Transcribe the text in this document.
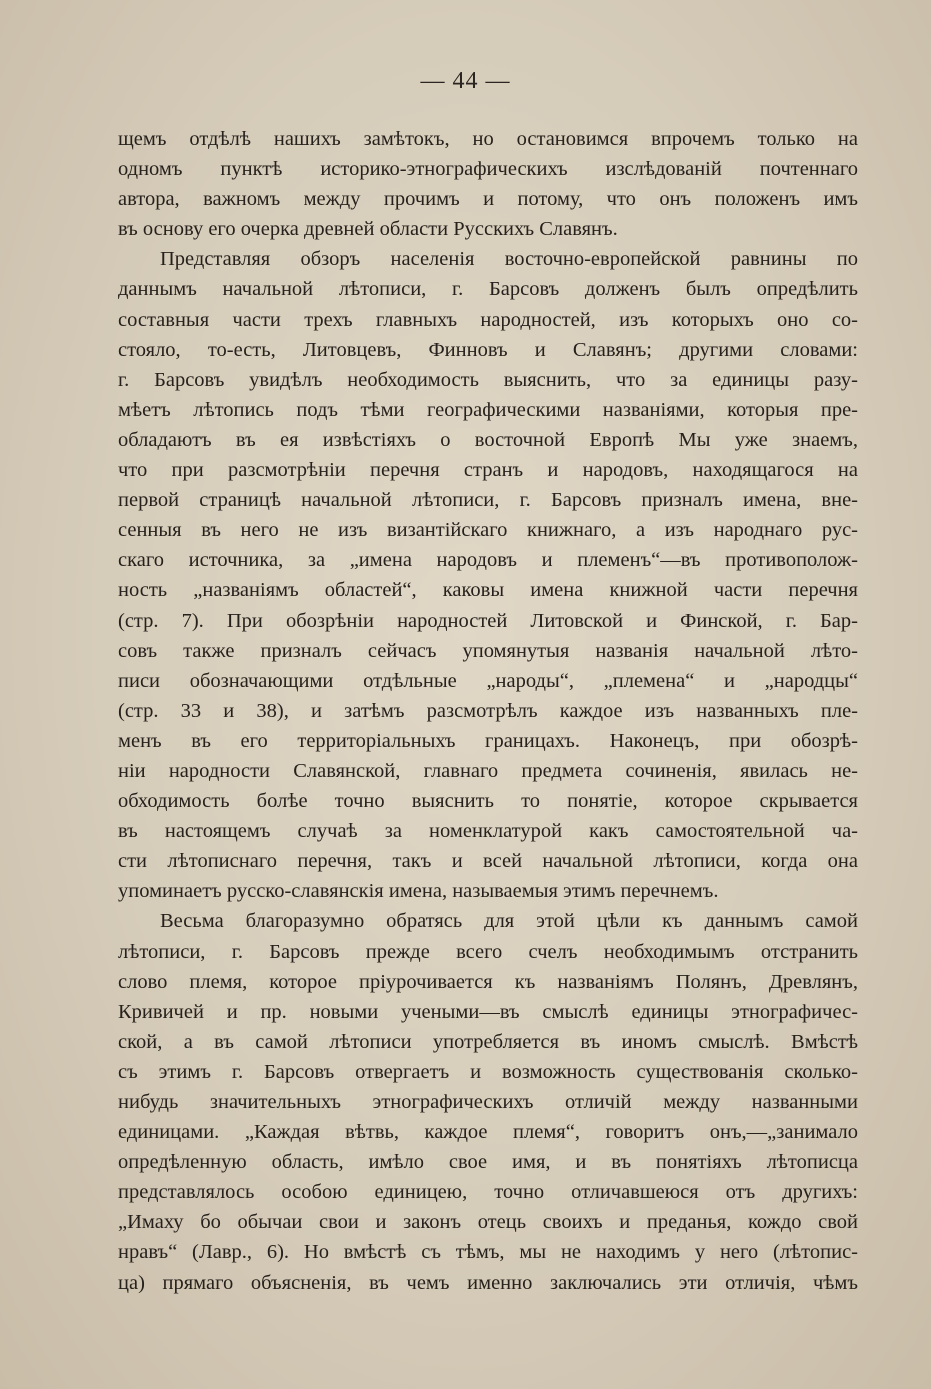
— 44 —
щемъ отдѣлѣ нашихъ замѣтокъ, но остановимся впрочемъ только на
одномъ пунктѣ историко-этнографическихъ изслѣдованій почтеннаго
автора, важномъ между прочимъ и потому, что онъ положенъ имъ
въ основу его очерка древней области Русскихъ Славянъ.
Представляя обзоръ населенія восточно-европейской равнины по
даннымъ начальной лѣтописи, г. Барсовъ долженъ былъ опредѣлить
составныя части трехъ главныхъ народностей, изъ которыхъ оно со-
стояло, то-есть, Литовцевъ, Финновъ и Славянъ; другими словами:
г. Барсовъ увидѣлъ необходимость выяснить, что за единицы разу-
мѣетъ лѣтопись подъ тѣми географическими названіями, которыя пре-
обладаютъ въ ея извѣстіяхъ о восточной Европѣ Мы уже знаемъ,
что при разсмотрѣніи перечня странъ и народовъ, находящагося на
первой страницѣ начальной лѣтописи, г. Барсовъ призналъ имена, вне-
сенныя въ него не изъ византійскаго книжнаго, а изъ народнаго рус-
скаго источника, за „имена народовъ и племенъ“—въ противополож-
ность „названіямъ областей“, каковы имена книжной части перечня
(стр. 7). При обозрѣніи народностей Литовской и Финской, г. Бар-
совъ также призналъ сейчасъ упомянутыя названія начальной лѣто-
писи обозначающими отдѣльные „народы“, „племена“ и „народцы“
(стр. 33 и 38), и затѣмъ разсмотрѣлъ каждое изъ названныхъ пле-
менъ въ его территоріальныхъ границахъ. Наконецъ, при обозрѣ-
ніи народности Славянской, главнаго предмета сочиненія, явилась не-
обходимость болѣе точно выяснить то понятіе, которое скрывается
въ настоящемъ случаѣ за номенклатурой какъ самостоятельной ча-
сти лѣтописнаго перечня, такъ и всей начальной лѣтописи, когда она
упоминаетъ русско-славянскія имена, называемыя этимъ перечнемъ.
Весьма благоразумно обратясь для этой цѣли къ даннымъ самой
лѣтописи, г. Барсовъ прежде всего счелъ необходимымъ отстранить
слово племя, которое пріурочивается къ названіямъ Полянъ, Древлянъ,
Кривичей и пр. новыми учеными—въ смыслѣ единицы этнографичес-
ской, а въ самой лѣтописи употребляется въ иномъ смыслѣ. Вмѣстѣ
съ этимъ г. Барсовъ отвергаетъ и возможность существованія сколько-
нибудь значительныхъ этнографическихъ отличій между названными
единицами. „Каждая вѣтвь, каждое племя“, говоритъ онъ,—„занимало
опредѣленную область, имѣло свое имя, и въ понятіяхъ лѣтописца
представлялось особою единицею, точно отличавшеюся отъ другихъ:
„Имаху бо обычаи свои и законъ отець своихъ и преданья, кождо свой
нравъ“ (Лавр., 6). Но вмѣстѣ съ тѣмъ, мы не находимъ у него (лѣтопис-
ца) прямаго объясненія, въ чемъ именно заключались эти отличія, чѣмъ
